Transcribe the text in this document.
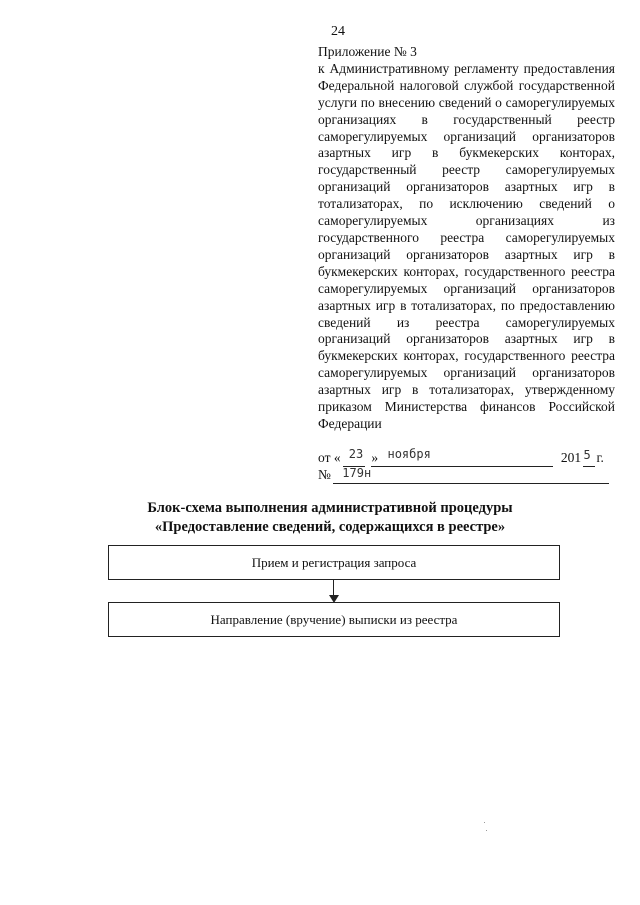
24

Приложение № 3

к Административному регламенту предоставления Федеральной налоговой службой государственной услуги по внесению сведений о саморегулируемых организациях в государственный реестр саморегулируемых организаций организаторов азартных игр в букмекерских конторах, государственный реестр саморегулируемых организаций организаторов азартных игр в тотализаторах, по исключению сведений о саморегулируемых организациях из государственного реестра саморегулируемых организаций организаторов азартных игр в букмекерских конторах, государственного реестра саморегулируемых организаций организаторов азартных игр в тотализаторах, по предоставлению сведений из реестра саморегулируемых организаций организаторов азартных игр в букмекерских конторах, государственного реестра саморегулируемых организаций организаторов азартных игр в тотализаторах, утвержденному приказом Министерства финансов Российской Федерации

от « 23 » ноября	201 5 г.
№ 179н
Блок-схема выполнения административной процедуры
«Предоставление сведений, содержащихся в реестре»
Прием и регистрация запроса
Направление (вручение) выписки из реестра
